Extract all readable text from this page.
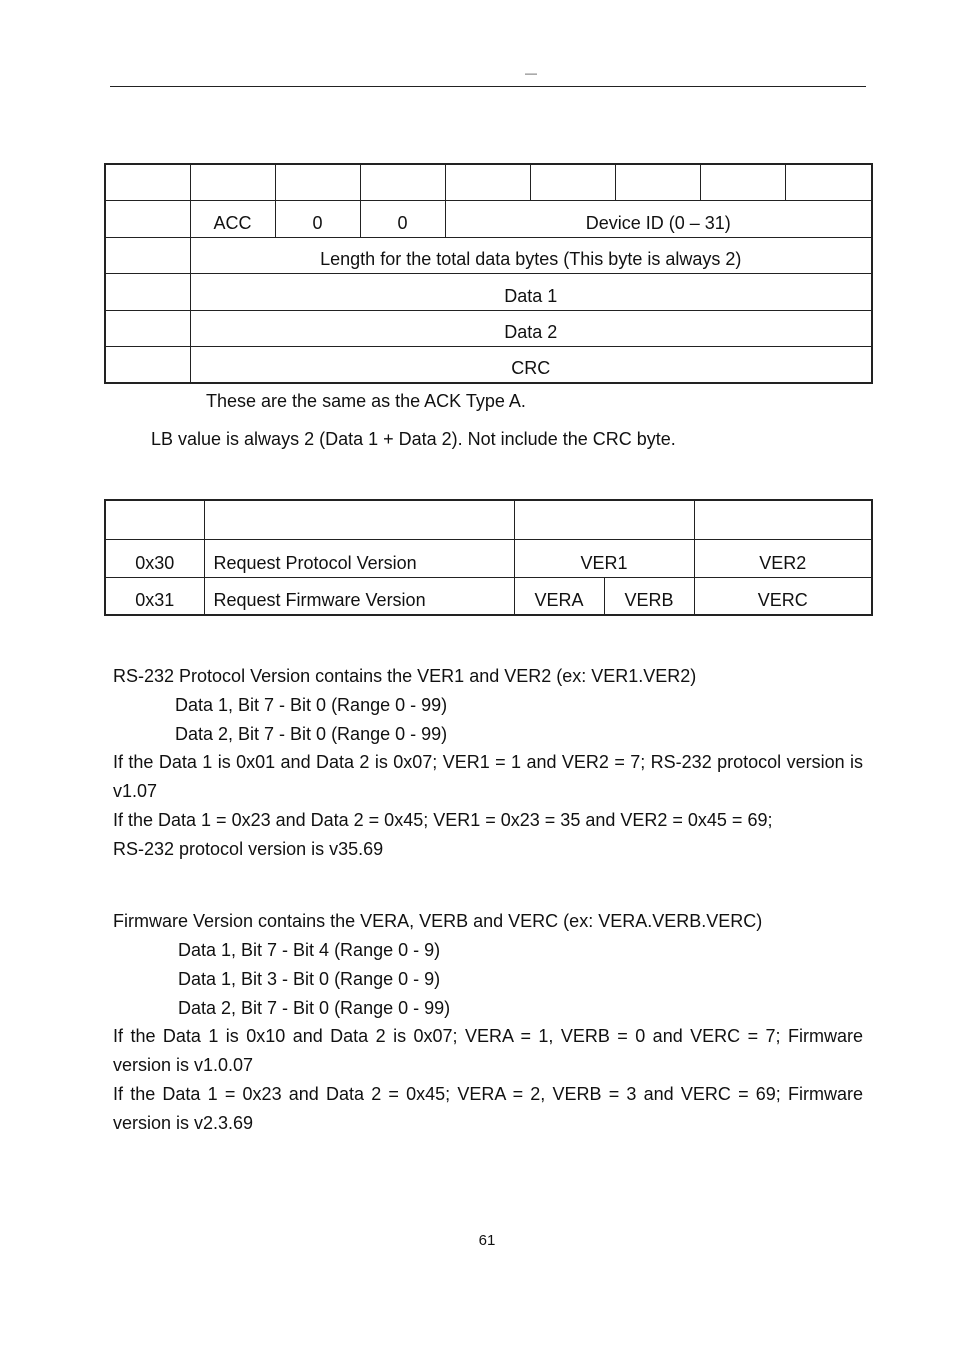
—

	ACC	0	0	Device ID (0 – 31)				
	Length for the total data bytes (This byte is always 2)							
	Data 1							
	Data 2							
	CRC							
These are the same as the ACK Type A.
LB value is always 2 (Data 1 + Data 2). Not include the CRC byte.

0x30	Request Protocol Version	VER1		VER2
0x31	Request Firmware Version	VERA	VERB	VERC
RS-232 Protocol Version contains the VER1 and VER2 (ex: VER1.VER2)
Data 1, Bit 7 - Bit 0 (Range 0 - 99)
Data 2, Bit 7 - Bit 0 (Range 0 - 99)
If the Data 1 is 0x01 and Data 2 is 0x07; VER1 = 1 and VER2 = 7; RS-232 protocol version is v1.07
If the Data 1 = 0x23 and Data 2 = 0x45; VER1 = 0x23 = 35 and VER2 = 0x45 = 69;
RS-232 protocol version is v35.69
Firmware Version contains the VERA, VERB and VERC (ex: VERA.VERB.VERC)
Data 1, Bit 7 - Bit 4 (Range 0 - 9)
Data 1, Bit 3 - Bit 0 (Range 0 - 9)
Data 2, Bit 7 - Bit 0 (Range 0 - 99)
If the Data 1 is 0x10 and Data 2 is 0x07; VERA = 1, VERB = 0 and VERC = 7; Firmware version is v1.0.07
If the Data 1 = 0x23 and Data 2 = 0x45; VERA = 2, VERB = 3 and VERC = 69; Firmware version is v2.3.69
61
